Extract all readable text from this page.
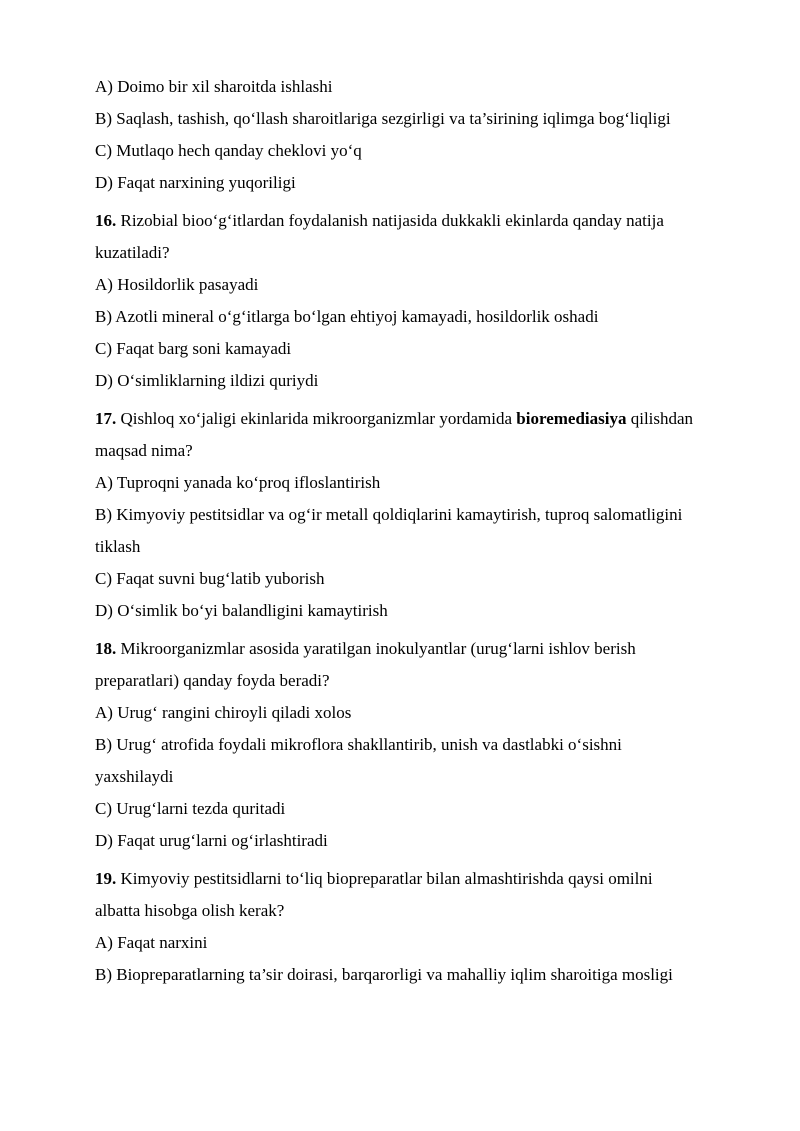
A) Doimo bir xil sharoitda ishlashi

B) Saqlash, tashish, qo‘llash sharoitlariga sezgirligi va ta’sirining iqlimga bog‘liqligi

C) Mutlaqo hech qanday cheklovi yo‘q

D) Faqat narxining yuqoriligi

16. Rizobial bioo‘g‘itlardan foydalanish natijasida dukkakli ekinlarda qanday natija

kuzatiladi?

A) Hosildorlik pasayadi

B) Azotli mineral o‘g‘itlarga bo‘lgan ehtiyoj kamayadi, hosildorlik oshadi

C) Faqat barg soni kamayadi

D) O‘simliklarning ildizi quriydi

17. Qishloq xo‘jaligi ekinlarida mikroorganizmlar yordamida bioremediasiya qilishdan

maqsad nima?

A) Tuproqni yanada ko‘proq ifloslantirish

B) Kimyoviy pestitsidlar va og‘ir metall qoldiqlarini kamaytirish, tuproq salomatligini

tiklash

C) Faqat suvni bug‘latib yuborish

D) O‘simlik bo‘yi balandligini kamaytirish

18. Mikroorganizmlar asosida yaratilgan inokulyantlar (urug‘larni ishlov berish

preparatlari) qanday foyda beradi?

A) Urug‘ rangini chiroyli qiladi xolos

B) Urug‘ atrofida foydali mikroflora shakllantirib, unish va dastlabki o‘sishni

yaxshilaydi

C) Urug‘larni tezda quritadi

D) Faqat urug‘larni og‘irlashtiradi

19. Kimyoviy pestitsidlarni to‘liq biopreparatlar bilan almashtirishda qaysi omilni

albatta hisobga olish kerak?

A) Faqat narxini

B) Biopreparatlarning ta’sir doirasi, barqarorligi va mahalliy iqlim sharoitiga mosligi
